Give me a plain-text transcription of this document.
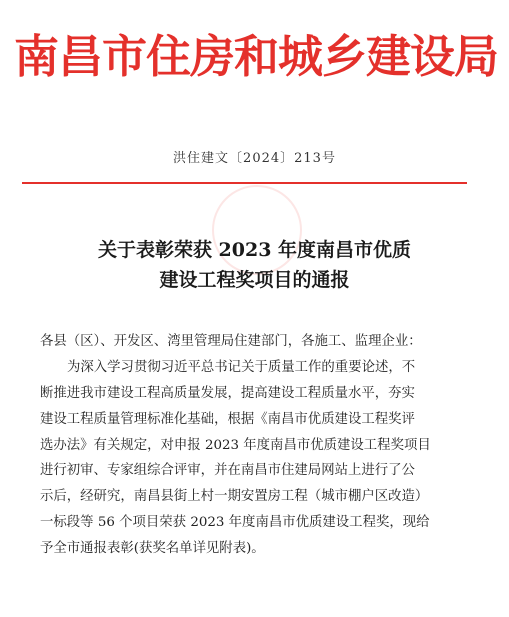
南昌市住房和城乡建设局
洪住建文〔2024〕213号
关于表彰荣获 2023 年度南昌市优质
建设工程奖项目的通报
各县（区）、开发区、湾里管理局住建部门，各施工、监理企业：
为深入学习贯彻习近平总书记关于质量工作的重要论述，不
断推进我市建设工程高质量发展，提高建设工程质量水平，夯实
建设工程质量管理标准化基础，根据《南昌市优质建设工程奖评
选办法》有关规定，对申报 2023 年度南昌市优质建设工程奖项目
进行初审、专家组综合评审，并在南昌市住建局网站上进行了公
示后，经研究，南昌县街上村一期安置房工程（城市棚户区改造）
一标段等 56 个项目荣获 2023 年度南昌市优质建设工程奖，现给
予全市通报表彰(获奖名单详见附表)。
